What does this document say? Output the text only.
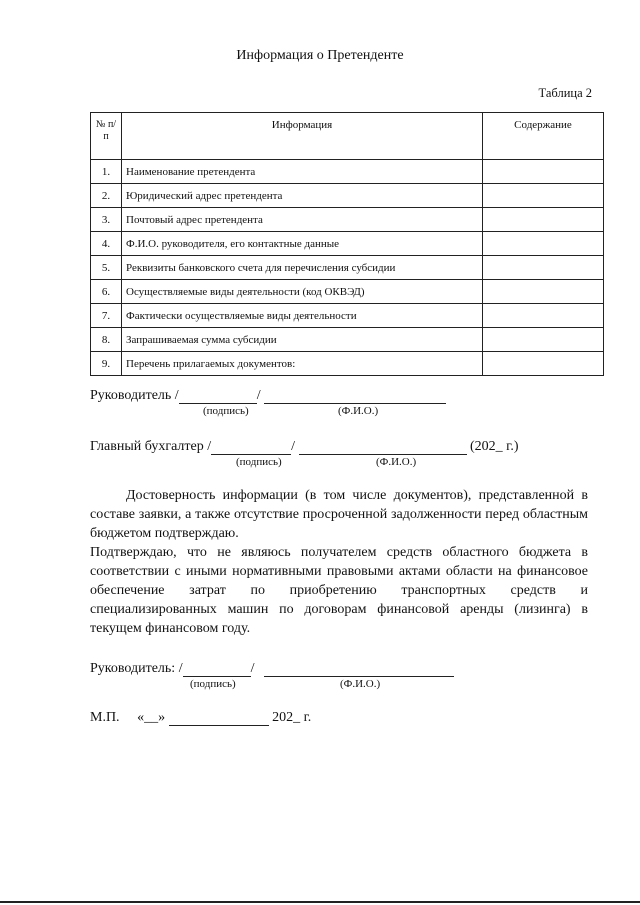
Информация о Претенденте
Таблица 2
№ п/п	Информация	Содержание
1.	Наименование претендента	
2.	Юридический адрес претендента	
3.	Почтовый адрес претендента	
4.	Ф.И.О. руководителя, его контактные данные	
5.	Реквизиты банковского счета для перечисления субсидии	
6.	Осуществляемые виды деятельности (код ОКВЭД)	
7.	Фактически осуществляемые виды деятельности	
8.	Запрашиваемая сумма субсидии	
9.	Перечень прилагаемых документов:	
Руководитель /	/
(подпись)	(Ф.И.О.)
Главный бухгалтер /	/	(202_ г.)
(подпись)	(Ф.И.О.)
Достоверность информации (в том числе документов), представленной в составе заявки, а также отсутствие просроченной задолженности перед областным бюджетом подтверждаю.
Подтверждаю, что не являюсь получателем средств областного бюджета в соответствии с иными нормативными правовыми актами области на финансовое обеспечение затрат по приобретению транспортных средств и специализированных машин по договорам финансовой аренды (лизинга) в текущем финансовом году.
Руководитель: /	/
(подпись)	(Ф.И.О.)
М.П. «__»	202_ г.
